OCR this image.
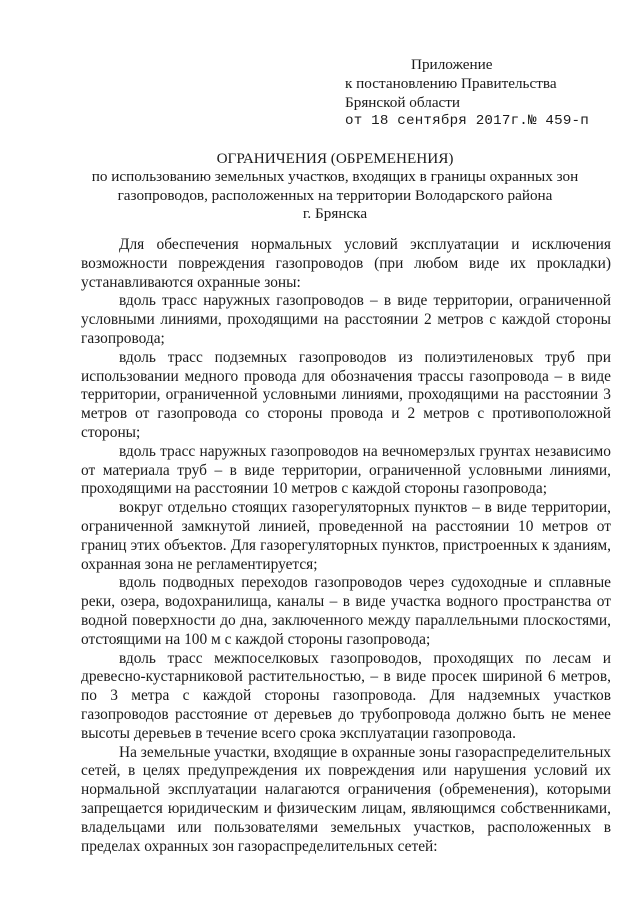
Приложение
к постановлению Правительства
Брянской области
от 18 сентября 2017г.№ 459-п
ОГРАНИЧЕНИЯ (ОБРЕМЕНЕНИЯ)
по использованию земельных участков, входящих в границы охранных зон
газопроводов, расположенных на территории Володарского района
г. Брянска

Для обеспечения нормальных условий эксплуатации и исключения возможности повреждения газопроводов (при любом виде их прокладки) устанавливаются охранные зоны:

вдоль трасс наружных газопроводов – в виде территории, ограниченной условными линиями, проходящими на расстоянии 2 метров с каждой стороны газопровода;

вдоль трасс подземных газопроводов из полиэтиленовых труб при использовании медного провода для обозначения трассы газопровода – в виде территории, ограниченной условными линиями, проходящими на расстоянии 3 метров от газопровода со стороны провода и 2 метров с противоположной стороны;

вдоль трасс наружных газопроводов на вечномерзлых грунтах независимо от материала труб – в виде территории, ограниченной условными линиями, проходящими на расстоянии 10 метров с каждой стороны газопровода;

вокруг отдельно стоящих газорегуляторных пунктов – в виде территории, ограниченной замкнутой линией, проведенной на расстоянии 10 метров от границ этих объектов. Для газорегуляторных пунктов, пристроенных к зданиям, охранная зона не регламентируется;

вдоль подводных переходов газопроводов через судоходные и сплавные реки, озера, водохранилища, каналы – в виде участка водного пространства от водной поверхности до дна, заключенного между параллельными плоскостями, отстоящими на 100 м с каждой стороны газопровода;

вдоль трасс межпоселковых газопроводов, проходящих по лесам и древесно-кустарниковой растительностью, – в виде просек шириной 6 метров, по 3 метра с каждой стороны газопровода. Для надземных участков газопроводов расстояние от деревьев до трубопровода должно быть не менее высоты деревьев в течение всего срока эксплуатации газопровода.

На земельные участки, входящие в охранные зоны газораспределительных сетей, в целях предупреждения их повреждения или нарушения условий их нормальной эксплуатации налагаются ограничения (обременения), которыми запрещается юридическим и физическим лицам, являющимся собственниками, владельцами или пользователями земельных участков, расположенных в пределах охранных зон газораспределительных сетей:
